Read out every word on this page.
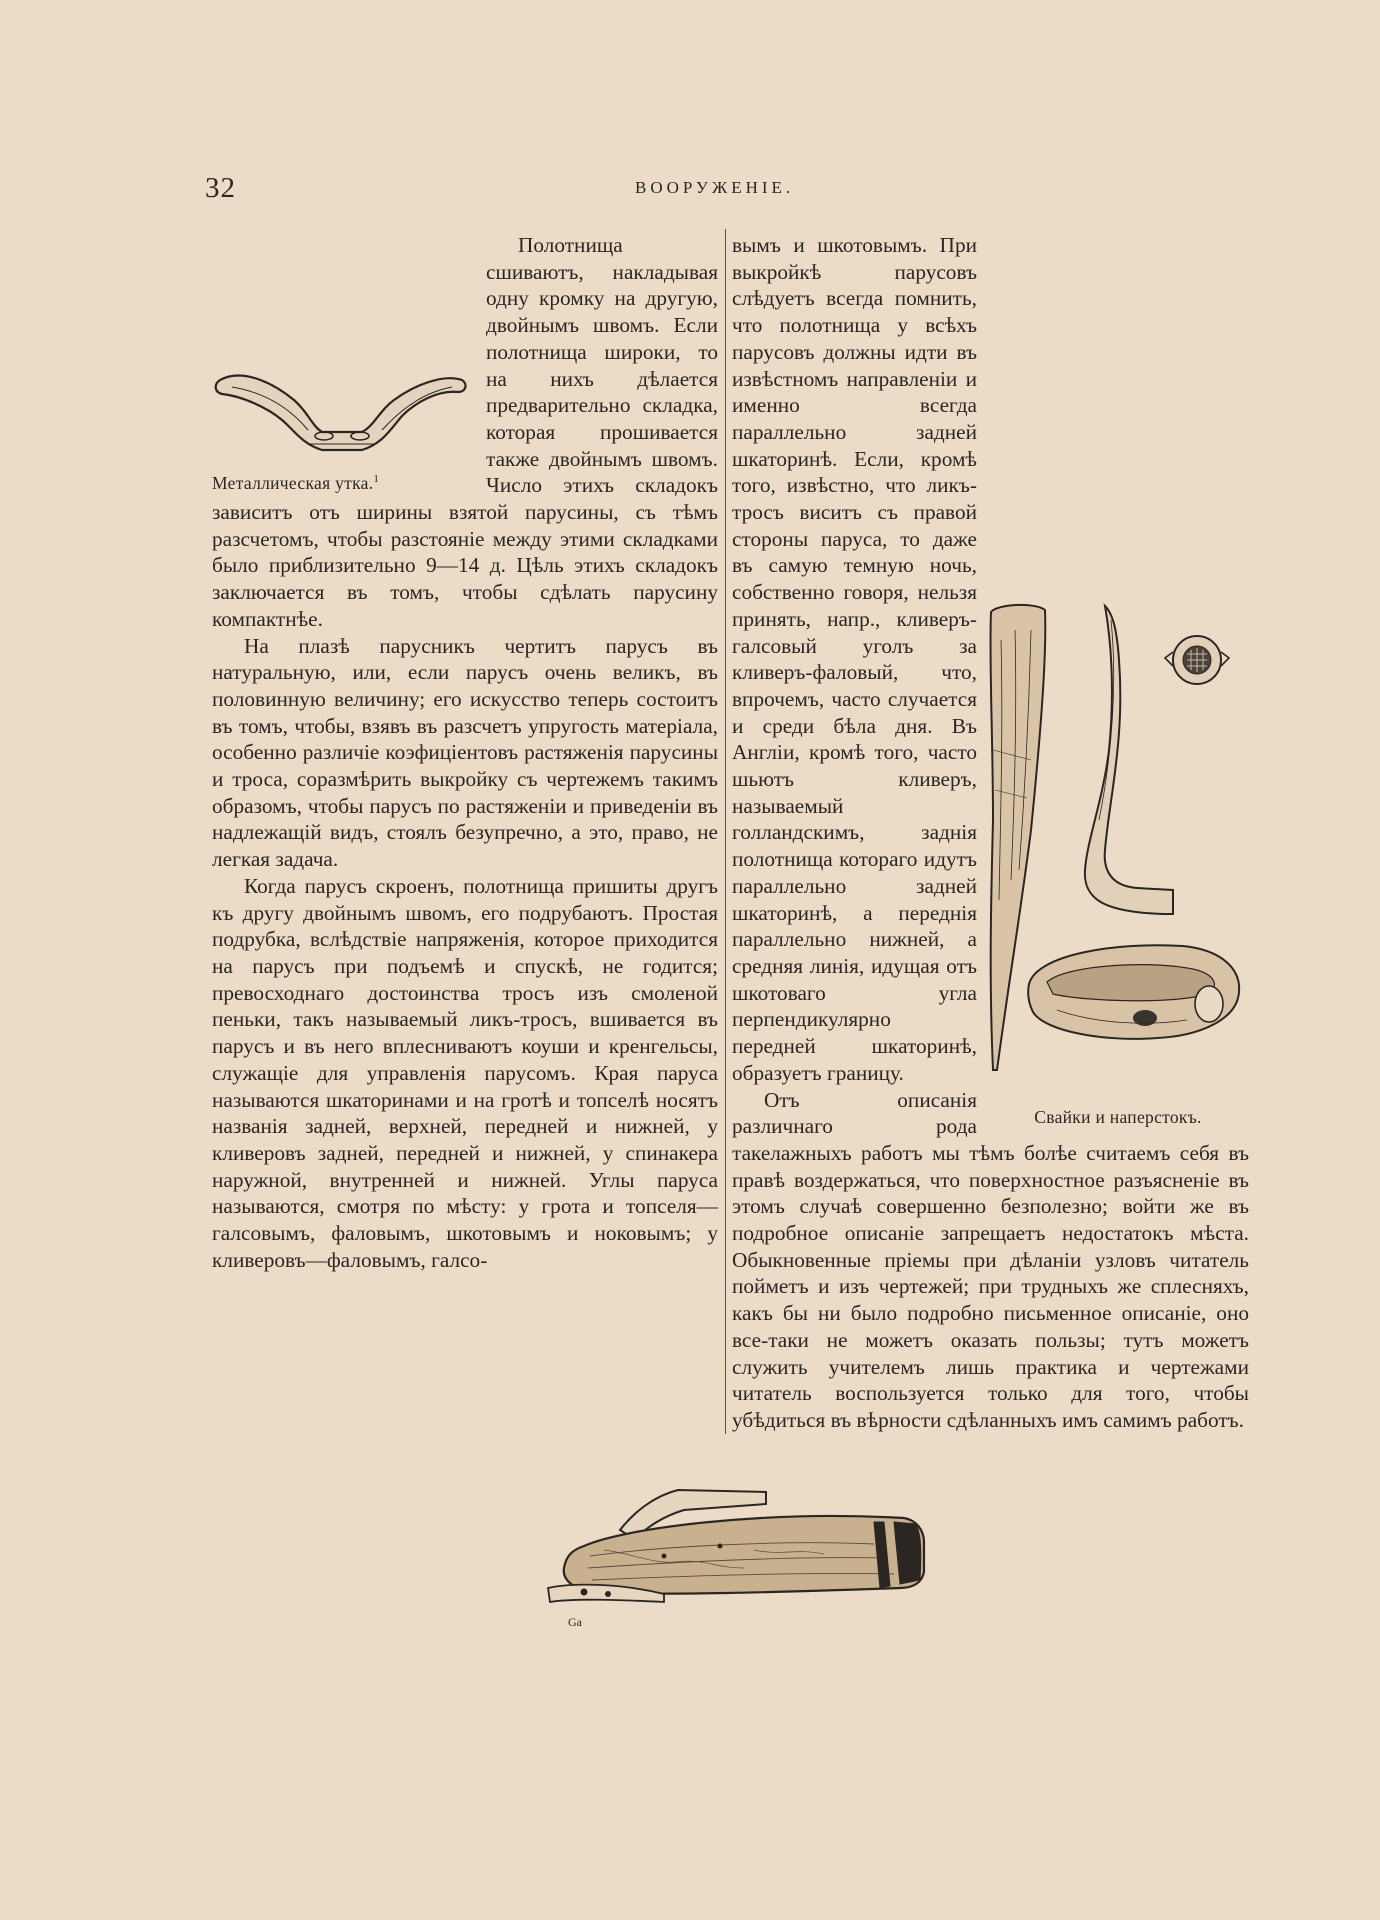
32	ВООРУЖЕНIЕ.
Металлическая утка.$^1$

Полотнища сшиваютъ, накладывая одну кромку на другую, двойнымъ швомъ. Если полотнища широки, то на нихъ дѣлается предварительно складка, которая прошивается также двойнымъ швомъ. Число этихъ складокъ зависитъ отъ ширины взятой парусины, съ тѣмъ разсчетомъ, чтобы разстоянiе между этими складками было приблизительно 9—14 д. Цѣль этихъ складокъ заключается въ томъ, чтобы сдѣлать парусину компактнѣе.

На плазѣ парусникъ чертитъ парусъ въ натуральную, или, если парусъ очень великъ, въ половинную величину; его искусство теперь состоитъ въ томъ, чтобы, взявъ въ разсчетъ упругость матерiала, особенно различiе коэфицiентовъ растяженiя парусины и троса, соразмѣрить выкройку съ чертежемъ такимъ образомъ, чтобы парусъ по растяженiи и приведенiи въ надлежащiй видъ, стоялъ безупречно, а это, право, не легкая задача.

Когда парусъ скроенъ, полотнища пришиты другъ къ другу двойнымъ швомъ, его подрубаютъ. Простая подрубка, вслѣдствiе напряженiя, которое приходится на парусъ при подъемѣ и спускѣ, не годится; превосходнаго достоинства тросъ изъ смоленой пеньки, такъ называемый ликъ-тросъ, вшивается въ парусъ и въ него вплесниваютъ коуши и кренгельсы, служащiе для управленiя парусомъ. Края паруса называются шкаторинами и на гротѣ и топселѣ носятъ названiя задней, верхней, передней и нижней, у кливеровъ задней, передней и нижней, у спинакера наружной, внутренней и нижней. Углы паруса называются, смотря по мѣсту: у грота и топселя—галсовымъ, фаловымъ, шкотовымъ и ноковымъ; у кливеровъ—фаловымъ, галсо-

Свайки и наперстокъ.

вымъ и шкотовымъ. При выкройкѣ парусовъ слѣдуетъ всегда помнить, что полотнища у всѣхъ парусовъ должны идти въ извѣстномъ направленiи и именно всегда параллельно задней шкаторинѣ. Если, кромѣ того, извѣстно, что ликъ-тросъ виситъ съ правой стороны паруса, то даже въ самую темную ночь, собственно говоря, нельзя принять, напр., кливеръ-галсовый уголъ за кливеръ-фаловый, что, впрочемъ, часто случается и среди бѣла дня. Въ Англiи, кромѣ того, часто шьютъ кливеръ, называемый голландскимъ, заднiя полотнища котораго идутъ параллельно задней шкаторинѣ, а переднiя параллельно нижней, а средняя линiя, идущая отъ шкотоваго угла перпендикулярно передней шкаторинѣ, образуетъ границу.

Отъ описанiя различнаго рода такелажныхъ работъ мы тѣмъ болѣе считаемъ себя въ правѣ воздержаться, что поверхностное разъясненiе въ этомъ случаѣ совершенно безполезно; войти же въ подробное описанiе запрещаетъ недостатокъ мѣста. Обыкновенные прiемы при дѣланiи узловъ читатель пойметъ и изъ чертежей; при трудныхъ же сплесняхъ, какъ бы ни было подробно письменное описанiе, оно все-таки не можетъ оказать пользы; тутъ можетъ служить учителемъ лишь практика и чертежами читатель воспользуется только для того, чтобы убѣдиться въ вѣрности сдѣланныхъ имъ самимъ работъ.

Ga
